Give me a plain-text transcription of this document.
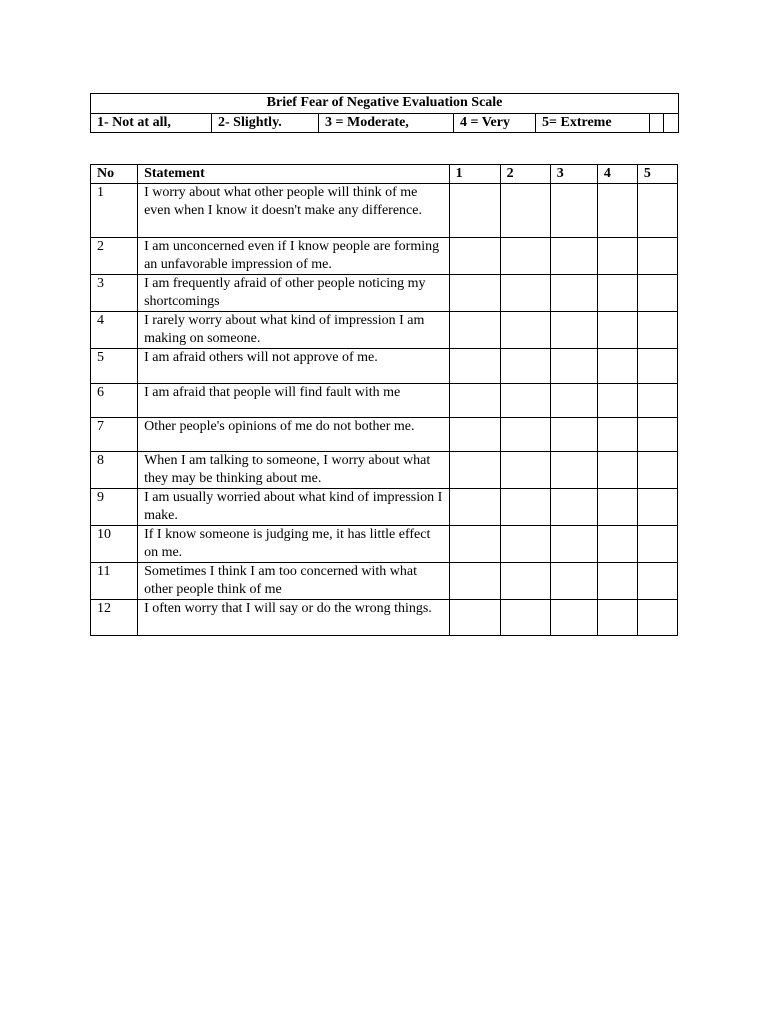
Brief Fear of Negative Evaluation Scale
1- Not at all,	2- Slightly.	3 = Moderate,	4 = Very	5= Extreme		
No	Statement	1	2	3	4	5
1	I worry about what other people will think of me even when I know it doesn't make any difference.					
2	I am unconcerned even if I know people are forming an unfavorable impression of me.					
3	I am frequently afraid of other people noticing my shortcomings					
4	I rarely worry about what kind of impression I am making on someone.					
5	I am afraid others will not approve of me.					
6	I am afraid that people will find fault with me					
7	Other people's opinions of me do not bother me.					
8	When I am talking to someone, I worry about what they may be thinking about me.					
9	I am usually worried about what kind of impression I make.					
10	If I know someone is judging me, it has little effect on me.					
11	Sometimes I think I am too concerned with what other people think of me					
12	I often worry that I will say or do the wrong things.					
